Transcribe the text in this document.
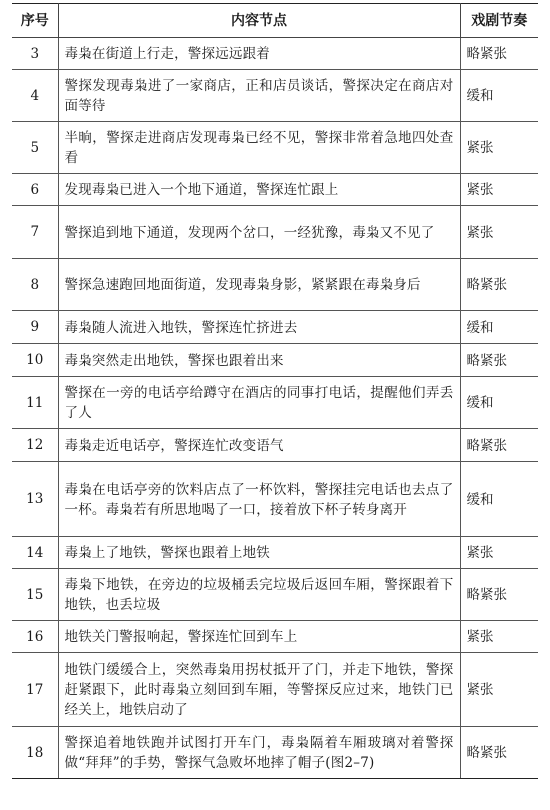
序号	内容节点	戏剧节奏
3	毒枭在街道上行走，警探远远跟着	略紧张
4	警探发现毒枭进了一家商店，正和店员谈话，警探决定在商店对面等待	缓和
5	半晌，警探走进商店发现毒枭已经不见，警探非常着急地四处查看	紧张
6	发现毒枭已进入一个地下通道，警探连忙跟上	紧张
7	警探追到地下通道，发现两个岔口，一经犹豫，毒枭又不见了	紧张
8	警探急速跑回地面街道，发现毒枭身影，紧紧跟在毒枭身后	略紧张
9	毒枭随人流进入地铁，警探连忙挤进去	缓和
10	毒枭突然走出地铁，警探也跟着出来	略紧张
11	警探在一旁的电话亭给蹲守在酒店的同事打电话，提醒他们弄丢了人	缓和
12	毒枭走近电话亭，警探连忙改变语气	略紧张
13	毒枭在电话亭旁的饮料店点了一杯饮料，警探挂完电话也去点了一杯。毒枭若有所思地喝了一口，接着放下杯子转身离开	缓和
14	毒枭上了地铁，警探也跟着上地铁	紧张
15	毒枭下地铁，在旁边的垃圾桶丢完垃圾后返回车厢，警探跟着下地铁，也丢垃圾	略紧张
16	地铁关门警报响起，警探连忙回到车上	紧张
17	地铁门缓缓合上，突然毒枭用拐杖抵开了门，并走下地铁，警探赶紧跟下，此时毒枭立刻回到车厢，等警探反应过来，地铁门已经关上，地铁启动了	紧张
18	警探追着地铁跑并试图打开车门，毒枭隔着车厢玻璃对着警探做“拜拜”的手势，警探气急败坏地摔了帽子(图2–7)	略紧张
